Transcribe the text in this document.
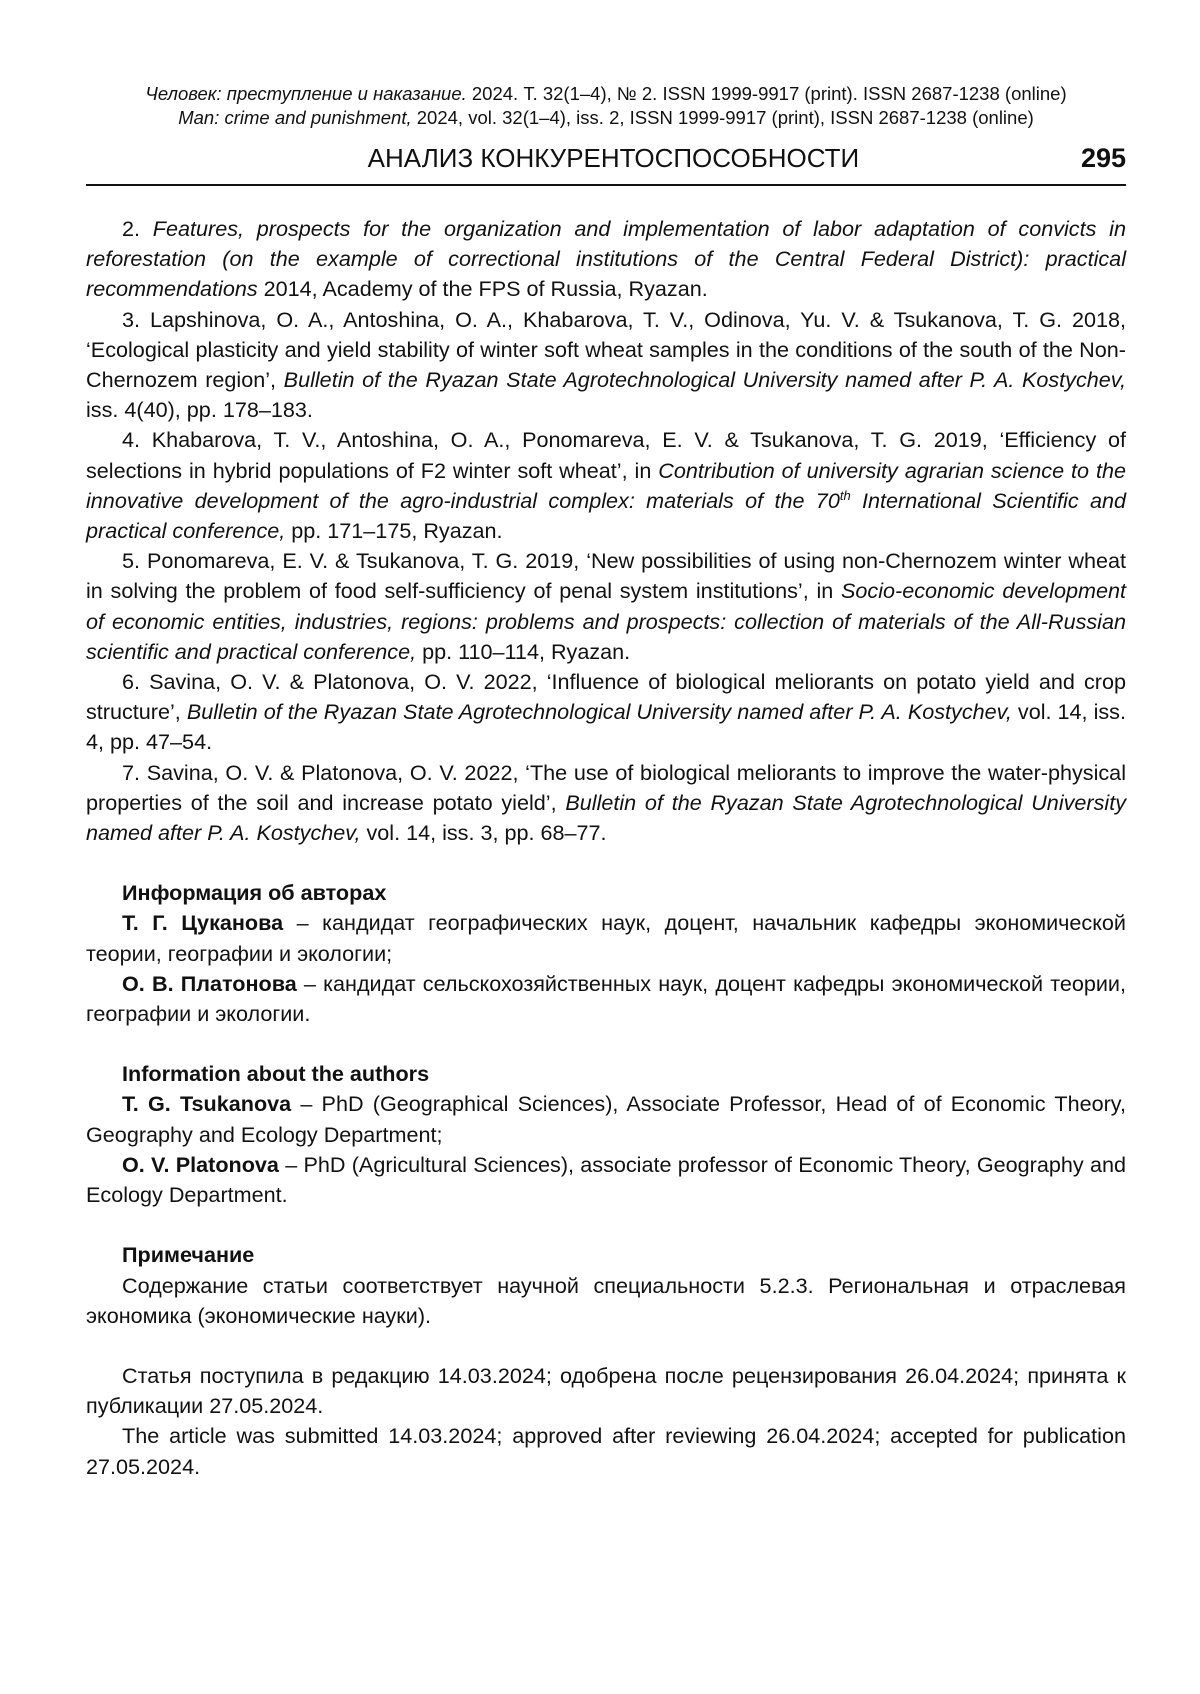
Человек: преступление и наказание. 2024. Т. 32(1–4), № 2. ISSN 1999-9917 (print). ISSN 2687-1238 (online)
Man: crime and punishment, 2024, vol. 32(1–4), iss. 2, ISSN 1999-9917 (print), ISSN 2687-1238 (online)
АНАЛИЗ КОНКУРЕНТОСПОСОБНОСТИ	295

2. Features, prospects for the organization and implementation of labor adaptation of convicts in reforestation (on the example of correctional institutions of the Central Federal District): practical recommendations 2014, Academy of the FPS of Russia, Ryazan.

3. Lapshinova, O. A., Antoshina, O. A., Khabarova, T. V., Odinova, Yu. V. & Tsukanova, T. G. 2018, ‘Ecological plasticity and yield stability of winter soft wheat samples in the conditions of the south of the Non-Chernozem region’, Bulletin of the Ryazan State Agrotechnological University named after P. A. Kostychev, iss. 4(40), pp. 178–183.

4. Khabarova, T. V., Antoshina, O. A., Ponomareva, E. V. & Tsukanova, T. G. 2019, ‘Efficiency of selections in hybrid populations of F2 winter soft wheat’, in Contribution of university agrarian science to the innovative development of the agro-industrial complex: materials of the 70th International Scientific and practical conference, pp. 171–175, Ryazan.

5. Ponomareva, E. V. & Tsukanova, T. G. 2019, ‘New possibilities of using non-Chernozem winter wheat in solving the problem of food self-sufficiency of penal system institutions’, in Socio-economic development of economic entities, industries, regions: problems and prospects: collection of materials of the All-Russian scientific and practical conference, pp. 110–114, Ryazan.

6. Savina, O. V. & Platonova, O. V. 2022, ‘Influence of biological meliorants on potato yield and crop structure’, Bulletin of the Ryazan State Agrotechnological University named after P. A. Kostychev, vol. 14, iss. 4, pp. 47–54.

7. Savina, O. V. & Platonova, O. V. 2022, ‘The use of biological meliorants to improve the water-physical properties of the soil and increase potato yield’, Bulletin of the Ryazan State Agrotechnological University named after P. A. Kostychev, vol. 14, iss. 3, pp. 68–77.

Информация об авторах

Т. Г. Цуканова – кандидат географических наук, доцент, начальник кафедры экономической теории, географии и экологии;

О. В. Платонова – кандидат сельскохозяйственных наук, доцент кафедры экономической теории, географии и экологии.

Information about the authors

T. G. Tsukanova – PhD (Geographical Sciences), Associate Professor, Head of of Economic Theory, Geography and Ecology Department;

O. V. Platonova – PhD (Agricultural Sciences), associate professor of Economic Theory, Geography and Ecology Department.

Примечание

Содержание статьи соответствует научной специальности 5.2.3. Региональная и отраслевая экономика (экономические науки).

Статья поступила в редакцию 14.03.2024; одобрена после рецензирования 26.04.2024; принята к публикации 27.05.2024.

The article was submitted 14.03.2024; approved after reviewing 26.04.2024; accepted for publication 27.05.2024.
